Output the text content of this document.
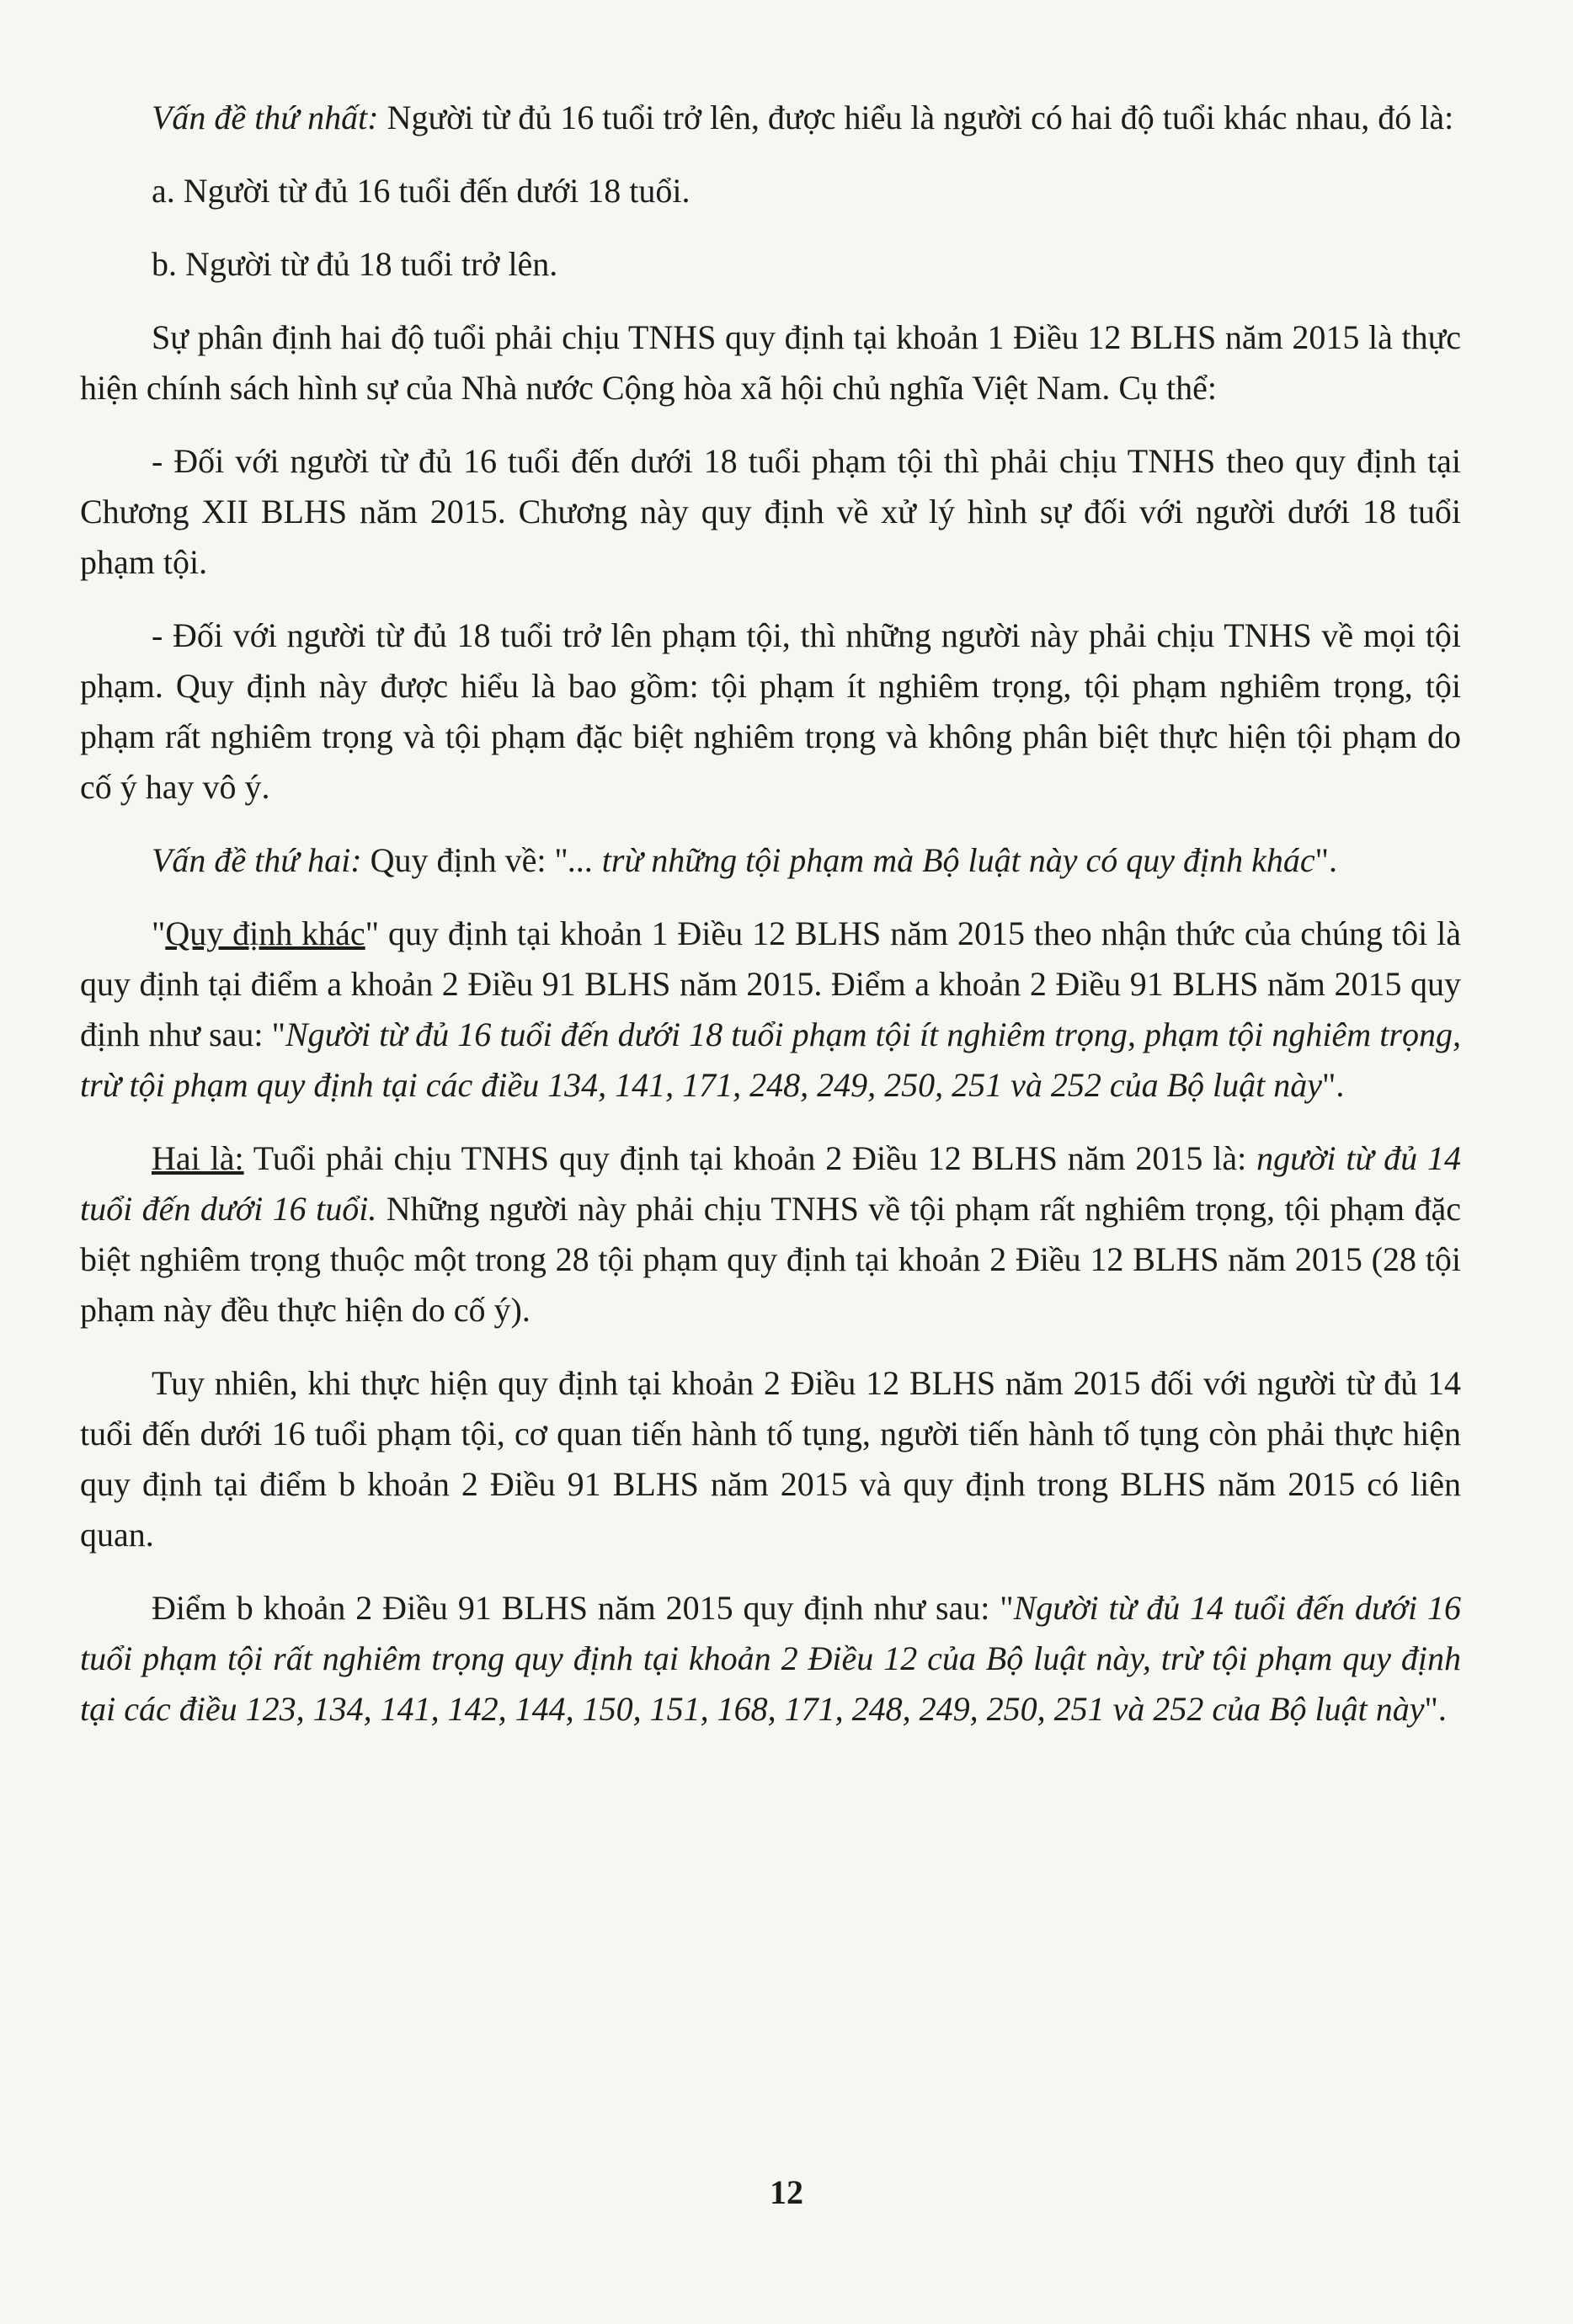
Vấn đề thứ nhất: Người từ đủ 16 tuổi trở lên, được hiểu là người có hai độ tuổi khác nhau, đó là:

a. Người từ đủ 16 tuổi đến dưới 18 tuổi.

b. Người từ đủ 18 tuổi trở lên.

Sự phân định hai độ tuổi phải chịu TNHS quy định tại khoản 1 Điều 12 BLHS năm 2015 là thực hiện chính sách hình sự của Nhà nước Cộng hòa xã hội chủ nghĩa Việt Nam. Cụ thể:

- Đối với người từ đủ 16 tuổi đến dưới 18 tuổi phạm tội thì phải chịu TNHS theo quy định tại Chương XII BLHS năm 2015. Chương này quy định về xử lý hình sự đối với người dưới 18 tuổi phạm tội.

- Đối với người từ đủ 18 tuổi trở lên phạm tội, thì những người này phải chịu TNHS về mọi tội phạm. Quy định này được hiểu là bao gồm: tội phạm ít nghiêm trọng, tội phạm nghiêm trọng, tội phạm rất nghiêm trọng và tội phạm đặc biệt nghiêm trọng và không phân biệt thực hiện tội phạm do cố ý hay vô ý.

Vấn đề thứ hai: Quy định về: "... trừ những tội phạm mà Bộ luật này có quy định khác".

"Quy định khác" quy định tại khoản 1 Điều 12 BLHS năm 2015 theo nhận thức của chúng tôi là quy định tại điểm a khoản 2 Điều 91 BLHS năm 2015. Điểm a khoản 2 Điều 91 BLHS năm 2015 quy định như sau: "Người từ đủ 16 tuổi đến dưới 18 tuổi phạm tội ít nghiêm trọng, phạm tội nghiêm trọng, trừ tội phạm quy định tại các điều 134, 141, 171, 248, 249, 250, 251 và 252 của Bộ luật này".

Hai là: Tuổi phải chịu TNHS quy định tại khoản 2 Điều 12 BLHS năm 2015 là: người từ đủ 14 tuổi đến dưới 16 tuổi. Những người này phải chịu TNHS về tội phạm rất nghiêm trọng, tội phạm đặc biệt nghiêm trọng thuộc một trong 28 tội phạm quy định tại khoản 2 Điều 12 BLHS năm 2015 (28 tội phạm này đều thực hiện do cố ý).

Tuy nhiên, khi thực hiện quy định tại khoản 2 Điều 12 BLHS năm 2015 đối với người từ đủ 14 tuổi đến dưới 16 tuổi phạm tội, cơ quan tiến hành tố tụng, người tiến hành tố tụng còn phải thực hiện quy định tại điểm b khoản 2 Điều 91 BLHS năm 2015 và quy định trong BLHS năm 2015 có liên quan.

Điểm b khoản 2 Điều 91 BLHS năm 2015 quy định như sau: "Người từ đủ 14 tuổi đến dưới 16 tuổi phạm tội rất nghiêm trọng quy định tại khoản 2 Điều 12 của Bộ luật này, trừ tội phạm quy định tại các điều 123, 134, 141, 142, 144, 150, 151, 168, 171, 248, 249, 250, 251 và 252 của Bộ luật này".

12
